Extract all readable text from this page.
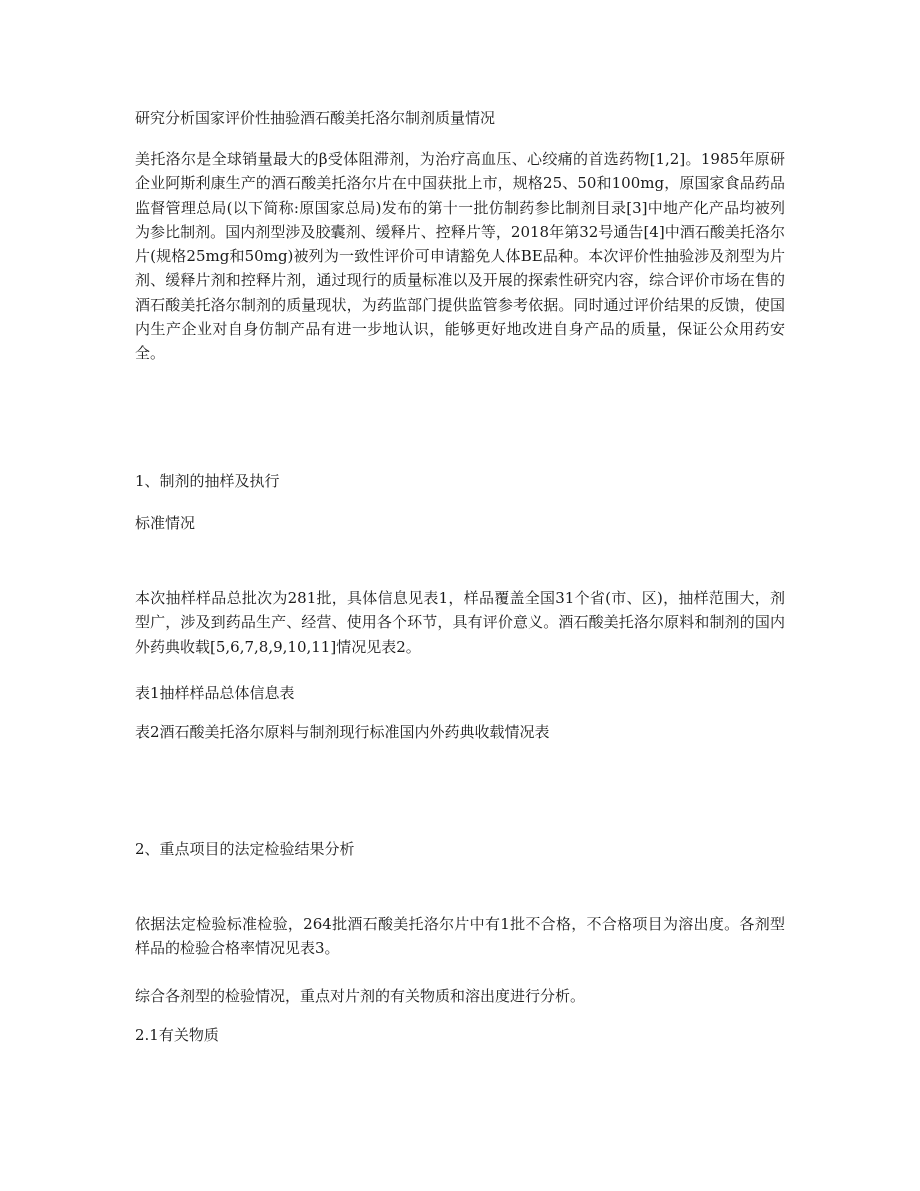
研究分析国家评价性抽验酒石酸美托洛尔制剂质量情况

美托洛尔是全球销量最大的β受体阻滞剂，为治疗高血压、心绞痛的首选药物[1,2]。1985年原研企业阿斯利康生产的酒石酸美托洛尔片在中国获批上市，规格25、50和100mg，原国家食品药品监督管理总局(以下简称:原国家总局)发布的第十一批仿制药参比制剂目录[3]中地产化产品均被列为参比制剂。国内剂型涉及胶囊剂、缓释片、控释片等，2018年第32号通告[4]中酒石酸美托洛尔片(规格25mg和50mg)被列为一致性评价可申请豁免人体BE品种。本次评价性抽验涉及剂型为片剂、缓释片剂和控释片剂，通过现行的质量标准以及开展的探索性研究内容，综合评价市场在售的酒石酸美托洛尔制剂的质量现状，为药监部门提供监管参考依据。同时通过评价结果的反馈，使国内生产企业对自身仿制产品有进一步地认识，能够更好地改进自身产品的质量，保证公众用药安全。

1、制剂的抽样及执行

标准情况

本次抽样样品总批次为281批，具体信息见表1，样品覆盖全国31个省(市、区)，抽样范围大，剂型广，涉及到药品生产、经营、使用各个环节，具有评价意义。酒石酸美托洛尔原料和制剂的国内外药典收载[5,6,7,8,9,10,11]情况见表2。

表1抽样样品总体信息表

表2酒石酸美托洛尔原料与制剂现行标准国内外药典收载情况表

2、重点项目的法定检验结果分析

依据法定检验标准检验，264批酒石酸美托洛尔片中有1批不合格，不合格项目为溶出度。各剂型样品的检验合格率情况见表3。

综合各剂型的检验情况，重点对片剂的有关物质和溶出度进行分析。

2.1有关物质
